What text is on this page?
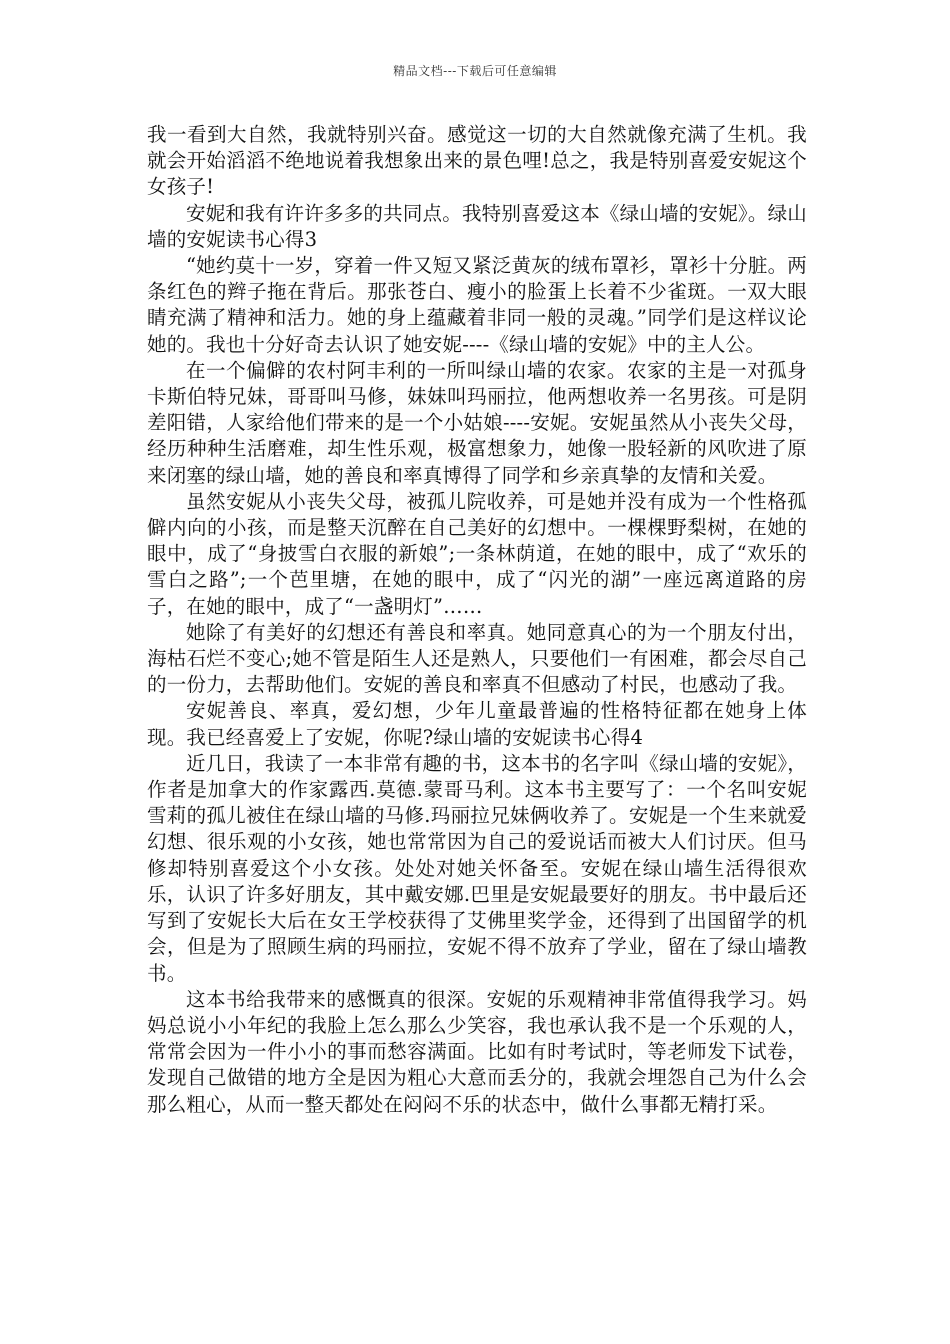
精品文档---下载后可任意编辑

我一看到大自然，我就特别兴奋。感觉这一切的大自然就像充满了生机。我就会开始滔滔不绝地说着我想象出来的景色哩!总之，我是特别喜爱安妮这个女孩子!

安妮和我有许许多多的共同点。我特别喜爱这本《绿山墙的安妮》。绿山墙的安妮读书心得3

“她约莫十一岁，穿着一件又短又紧泛黄灰的绒布罩衫，罩衫十分脏。两条红色的辫子拖在背后。那张苍白、瘦小的脸蛋上长着不少雀斑。一双大眼睛充满了精神和活力。她的身上蕴藏着非同一般的灵魂。”同学们是这样议论她的。我也十分好奇去认识了她安妮----《绿山墙的安妮》中的主人公。

在一个偏僻的农村阿丰利的一所叫绿山墙的农家。农家的主是一对孤身卡斯伯特兄妹，哥哥叫马修，妹妹叫玛丽拉，他两想收养一名男孩。可是阴差阳错，人家给他们带来的是一个小姑娘----安妮。安妮虽然从小丧失父母，经历种种生活磨难，却生性乐观，极富想象力，她像一股轻新的风吹进了原来闭塞的绿山墙，她的善良和率真博得了同学和乡亲真挚的友情和关爱。

虽然安妮从小丧失父母，被孤儿院收养，可是她并没有成为一个性格孤僻内向的小孩，而是整天沉醉在自己美好的幻想中。一棵棵野梨树，在她的眼中，成了“身披雪白衣服的新娘”;一条林荫道，在她的眼中，成了“欢乐的雪白之路”;一个芭里塘，在她的眼中，成了“闪光的湖”一座远离道路的房子，在她的眼中，成了“一盏明灯”……

她除了有美好的幻想还有善良和率真。她同意真心的为一个朋友付出，海枯石烂不变心;她不管是陌生人还是熟人，只要他们一有困难，都会尽自己的一份力，去帮助他们。安妮的善良和率真不但感动了村民，也感动了我。

安妮善良、率真，爱幻想，少年儿童最普遍的性格特征都在她身上体现。我已经喜爱上了安妮，你呢?绿山墙的安妮读书心得4

近几日，我读了一本非常有趣的书，这本书的名字叫《绿山墙的安妮》，作者是加拿大的作家露西.莫德.蒙哥马利。这本书主要写了：一个名叫安妮雪莉的孤儿被住在绿山墙的马修.玛丽拉兄妹俩收养了。安妮是一个生来就爱幻想、很乐观的小女孩，她也常常因为自己的爱说话而被大人们讨厌。但马修却特别喜爱这个小女孩。处处对她关怀备至。安妮在绿山墙生活得很欢乐，认识了许多好朋友，其中戴安娜.巴里是安妮最要好的朋友。书中最后还写到了安妮长大后在女王学校获得了艾佛里奖学金，还得到了出国留学的机会，但是为了照顾生病的玛丽拉，安妮不得不放弃了学业，留在了绿山墙教书。

这本书给我带来的感慨真的很深。安妮的乐观精神非常值得我学习。妈妈总说小小年纪的我脸上怎么那么少笑容，我也承认我不是一个乐观的人，常常会因为一件小小的事而愁容满面。比如有时考试时，等老师发下试卷，发现自己做错的地方全是因为粗心大意而丢分的，我就会埋怨自己为什么会那么粗心，从而一整天都处在闷闷不乐的状态中，做什么事都无精打采。
